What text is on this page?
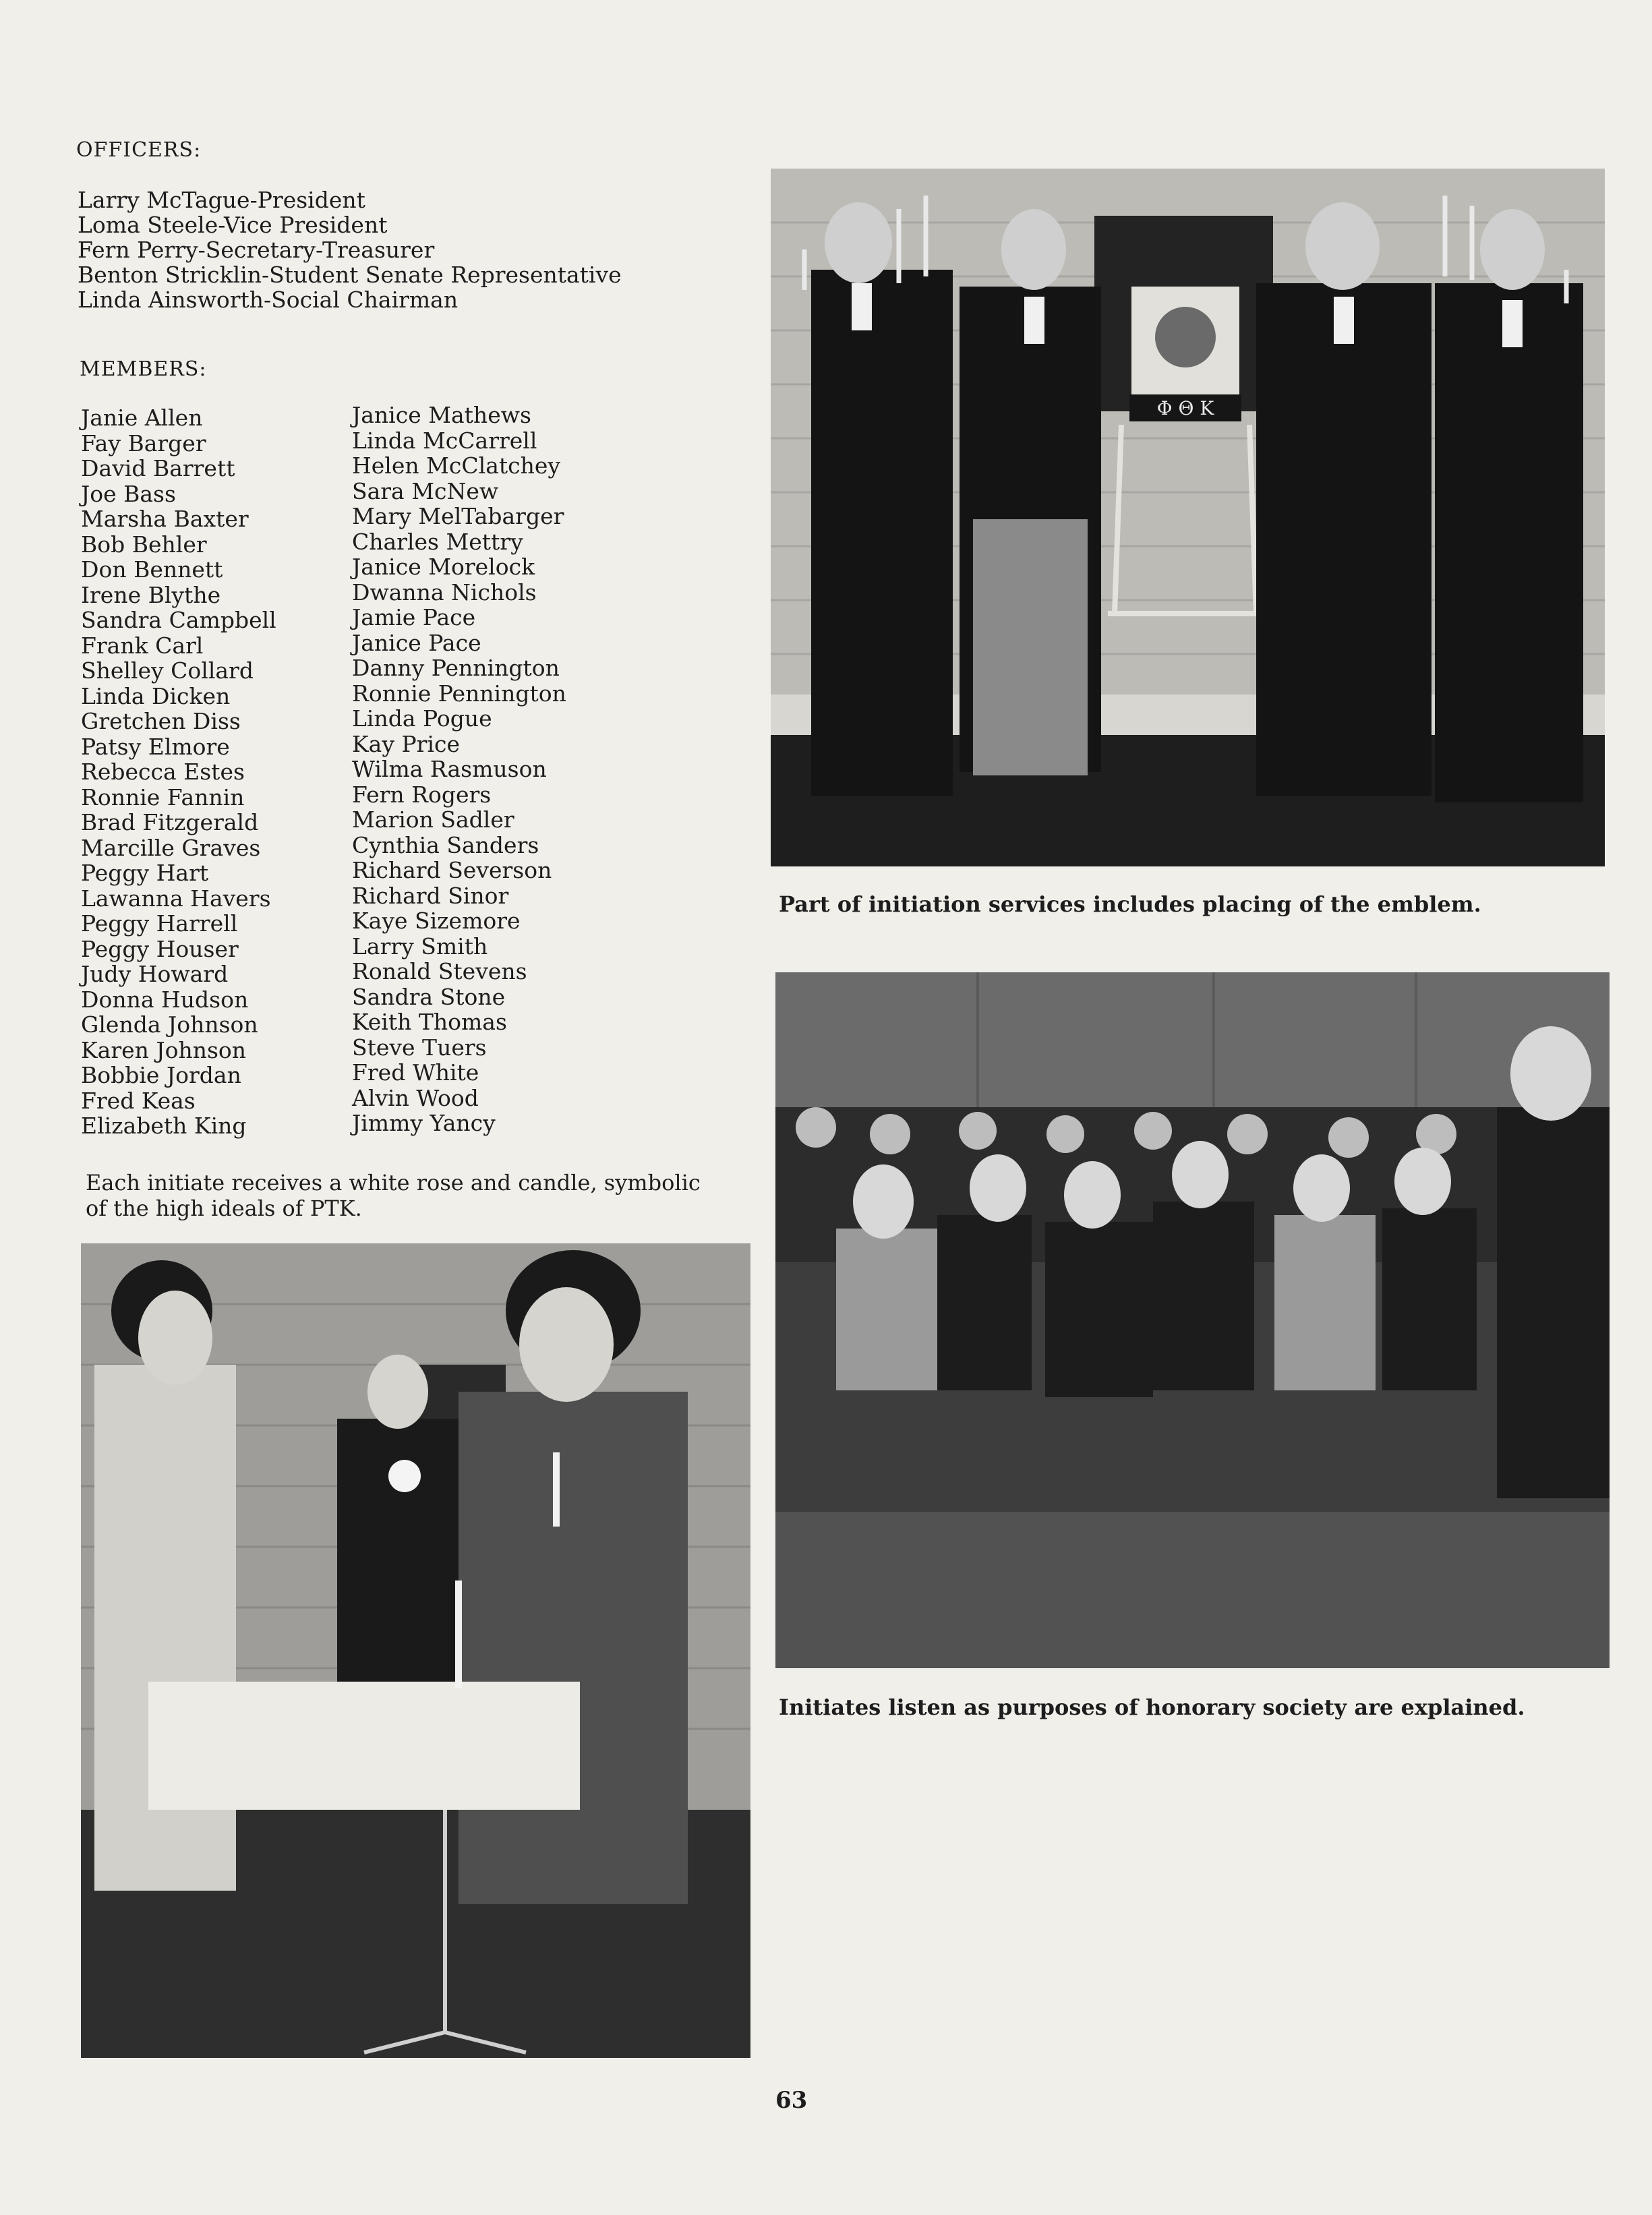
OFFICERS:
Larry McTague-President
Loma Steele-Vice President
Fern Perry-Secretary-Treasurer
Benton Stricklin-Student Senate Representative
Linda Ainsworth-Social Chairman
MEMBERS:
Janie Allen
Fay Barger
David Barrett
Joe Bass
Marsha Baxter
Bob Behler
Don Bennett
Irene Blythe
Sandra Campbell
Frank Carl
Shelley Collard
Linda Dicken
Gretchen Diss
Patsy Elmore
Rebecca Estes
Ronnie Fannin
Brad Fitzgerald
Marcille Graves
Peggy Hart
Lawanna Havers
Peggy Harrell
Peggy Houser
Judy Howard
Donna Hudson
Glenda Johnson
Karen Johnson
Bobbie Jordan
Fred Keas
Elizabeth King
Janice Mathews
Linda McCarrell
Helen McClatchey
Sara McNew
Mary MelTabarger
Charles Mettry
Janice Morelock
Dwanna Nichols
Jamie Pace
Janice Pace
Danny Pennington
Ronnie Pennington
Linda Pogue
Kay Price
Wilma Rasmuson
Fern Rogers
Marion Sadler
Cynthia Sanders
Richard Severson
Richard Sinor
Kaye Sizemore
Larry Smith
Ronald Stevens
Sandra Stone
Keith Thomas
Steve Tuers
Fred White
Alvin Wood
Jimmy Yancy
Each initiate receives a white rose and candle, symbolic of the high ideals of PTK.
Φ Θ K
Part of initiation services includes placing of the emblem.
Initiates listen as purposes of honorary society are explained.
63
